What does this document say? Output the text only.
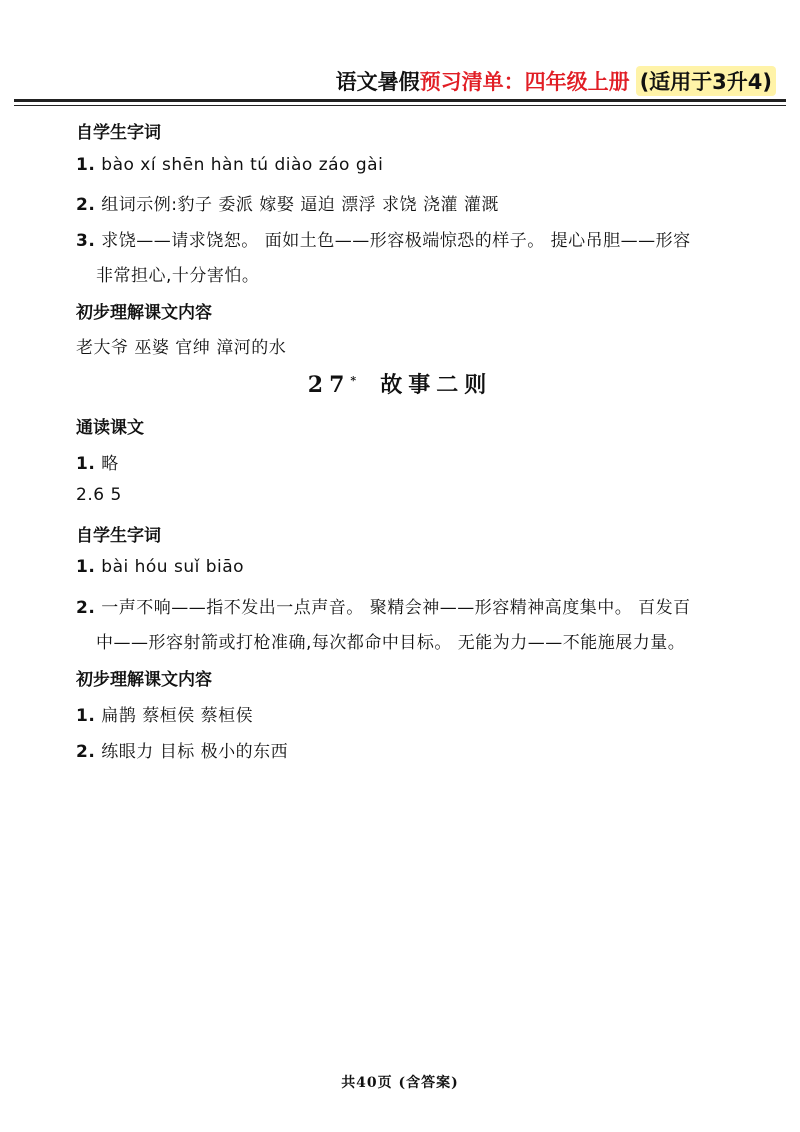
语文暑假 预习清单：四年级上册 (适用于3升4)
自学生字词
1. bào xí shēn hàn tú diào záo gài
2. 组词示例:豹子 委派 嫁娶 逼迫 漂浮 求饶 浇灌 灌溉
3. 求饶——请求饶恕。 面如土色——形容极端惊恐的样子。 提心吊胆——形容
非常担心,十分害怕。
初步理解课文内容
老大爷 巫婆 官绅 漳河的水
27* 故事二则
通读课文
1. 略
2.6 5
自学生字词
1. bài hóu suǐ biāo
2. 一声不响——指不发出一点声音。 聚精会神——形容精神高度集中。 百发百
中——形容射箭或打枪准确,每次都命中目标。 无能为力——不能施展力量。
初步理解课文内容
1. 扁鹊 蔡桓侯 蔡桓侯
2. 练眼力 目标 极小的东西
共40页 (含答案)
